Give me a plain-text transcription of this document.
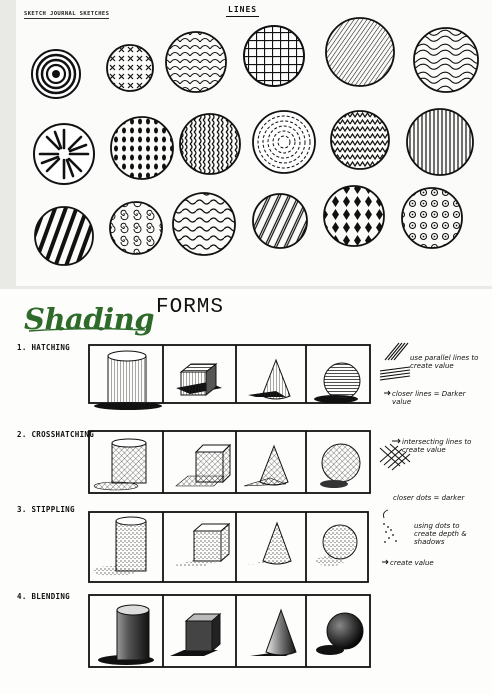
SKETCH JOURNAL SKETCHES	LINES
Shading FORMS
1. HATCHING
2. CROSSHATCHING
3. STIPPLING
4. BLENDING
use parallel lines to create value
closer lines = Darker value
intersecting lines to create value
closer dots = darker
using dots to create depth & shadows
create value
